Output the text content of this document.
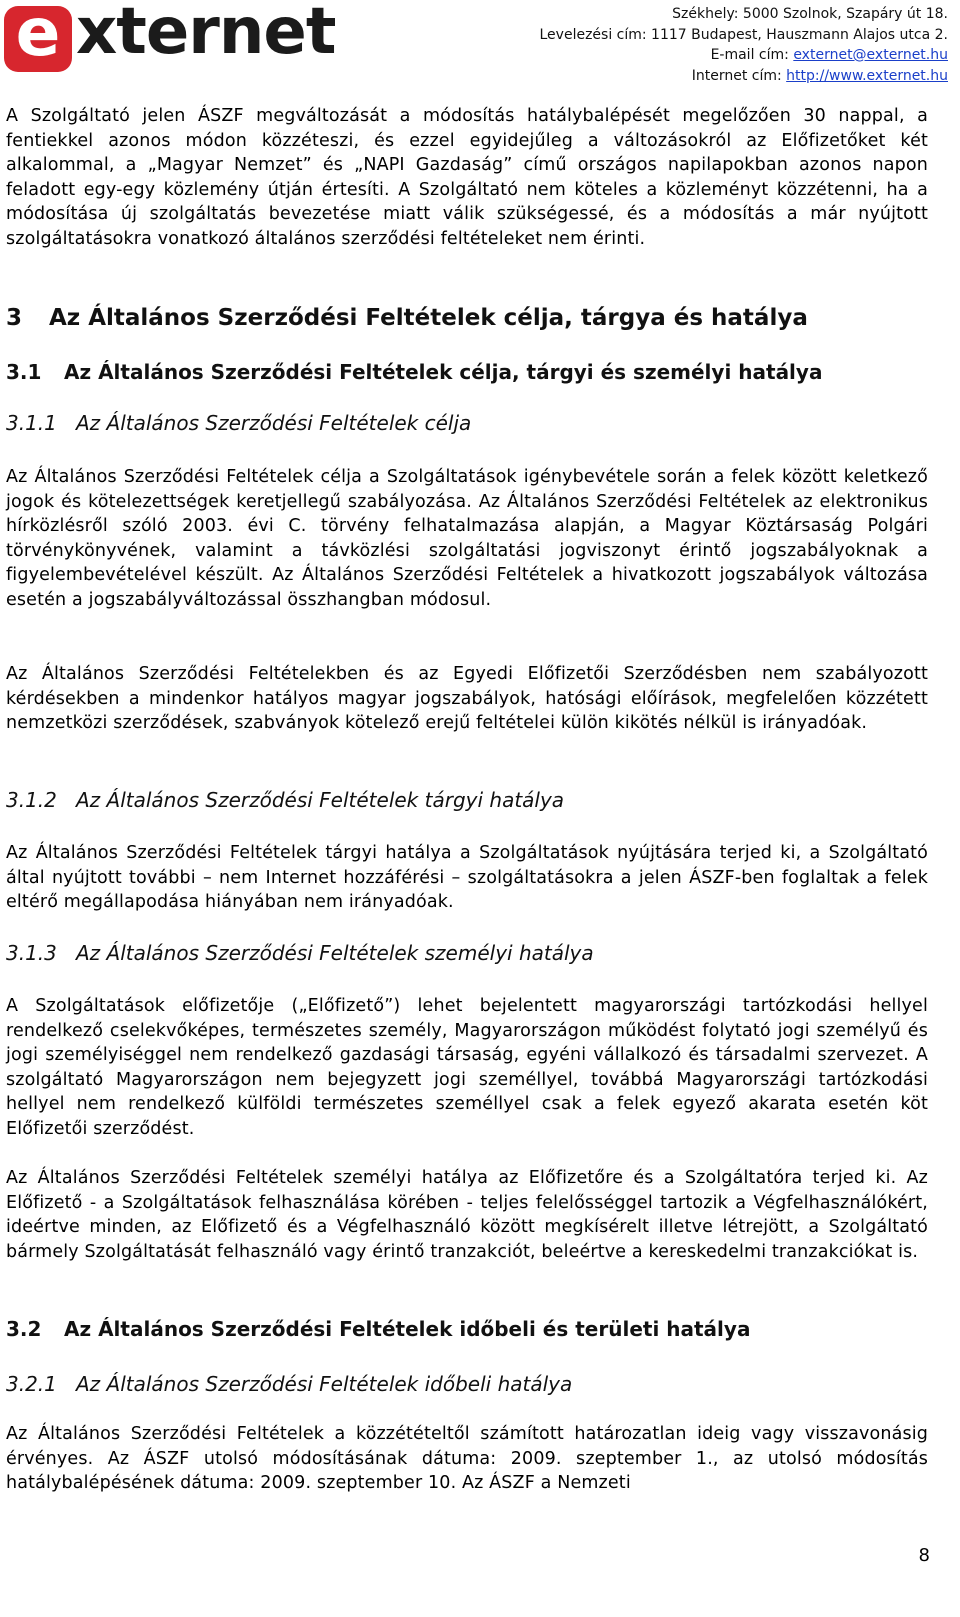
e xternet	Székhely: 5000 Szolnok, Szapáry út 18.
Levelezési cím: 1117 Budapest, Hauszmann Alajos utca 2.
E-mail cím: externet@externet.hu
Internet cím: http://www.externet.hu

A Szolgáltató jelen ÁSZF megváltozását a módosítás hatálybalépését megelőzően 30 nappal, a fentiekkel azonos módon közzéteszi, és ezzel egyidejűleg a változásokról az Előfizetőket két alkalommal, a „Magyar Nemzet” és „NAPI Gazdaság” című országos napilapokban azonos napon feladott egy-egy közlemény útján értesíti. A Szolgáltató nem köteles a közleményt közzétenni, ha a módosítása új szolgáltatás bevezetése miatt válik szükségessé, és a módosítás a már nyújtott szolgáltatásokra vonatkozó általános szerződési feltételeket nem érinti.

3 Az Általános Szerződési Feltételek célja, tárgya és hatálya
3.1 Az Általános Szerződési Feltételek célja, tárgyi és személyi hatálya
3.1.1 Az Általános Szerződési Feltételek célja

Az Általános Szerződési Feltételek célja a Szolgáltatások igénybevétele során a felek között keletkező jogok és kötelezettségek keretjellegű szabályozása. Az Általános Szerződési Feltételek az elektronikus hírközlésről szóló 2003. évi C. törvény felhatalmazása alapján, a Magyar Köztársaság Polgári törvénykönyvének, valamint a távközlési szolgáltatási jogviszonyt érintő jogszabályoknak a figyelembevételével készült. Az Általános Szerződési Feltételek a hivatkozott jogszabályok változása esetén a jogszabályváltozással összhangban módosul.

Az Általános Szerződési Feltételekben és az Egyedi Előfizetői Szerződésben nem szabályozott kérdésekben a mindenkor hatályos magyar jogszabályok, hatósági előírások, megfelelően közzétett nemzetközi szerződések, szabványok kötelező erejű feltételei külön kikötés nélkül is irányadóak.

3.1.2 Az Általános Szerződési Feltételek tárgyi hatálya

Az Általános Szerződési Feltételek tárgyi hatálya a Szolgáltatások nyújtására terjed ki, a Szolgáltató által nyújtott további – nem Internet hozzáférési – szolgáltatásokra a jelen ÁSZF-ben foglaltak a felek eltérő megállapodása hiányában nem irányadóak.

3.1.3 Az Általános Szerződési Feltételek személyi hatálya

A Szolgáltatások előfizetője („Előfizető”) lehet bejelentett magyarországi tartózkodási hellyel rendelkező cselekvőképes, természetes személy, Magyarországon működést folytató jogi személyű és jogi személyiséggel nem rendelkező gazdasági társaság, egyéni vállalkozó és társadalmi szervezet. A szolgáltató Magyarországon nem bejegyzett jogi személlyel, továbbá Magyarországi tartózkodási hellyel nem rendelkező külföldi természetes személlyel csak a felek egyező akarata esetén köt Előfizetői szerződést.

Az Általános Szerződési Feltételek személyi hatálya az Előfizetőre és a Szolgáltatóra terjed ki. Az Előfizető - a Szolgáltatások felhasználása körében - teljes felelősséggel tartozik a Végfelhasználókért, ideértve minden, az Előfizető és a Végfelhasználó között megkísérelt illetve létrejött, a Szolgáltató bármely Szolgáltatását felhasználó vagy érintő tranzakciót, beleértve a kereskedelmi tranzakciókat is.

3.2 Az Általános Szerződési Feltételek időbeli és területi hatálya
3.2.1 Az Általános Szerződési Feltételek időbeli hatálya

Az Általános Szerződési Feltételek a közzétételtől számított határozatlan ideig vagy visszavonásig érvényes. Az ÁSZF utolsó módosításának dátuma: 2009. szeptember 1., az utolsó módosítás hatálybalépésének dátuma: 2009. szeptember 10. Az ÁSZF a Nemzeti

8
